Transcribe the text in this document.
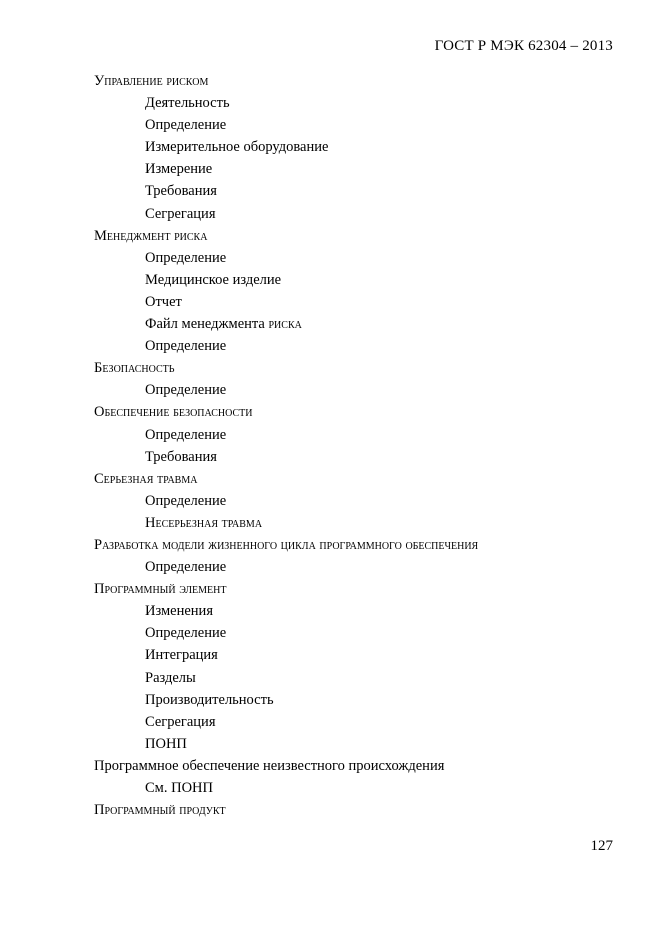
ГОСТ Р МЭК 62304 – 2013
Управление риском
Деятельность
Определение
Измерительное оборудование
Измерение
Требования
Сегрегация
Менеджмент риска
Определение
Медицинское изделие
Отчет
Файл менеджмента риска
Определение
Безопасность
Определение
Обеспечение безопасности
Определение
Требования
Серьезная травма
Определение
Несерьезная травма
Разработка модели жизненного цикла программного обеспечения
Определение
Программный элемент
Изменения
Определение
Интеграция
Разделы
Производительность
Сегрегация
ПОНП
Программное обеспечение неизвестного происхождения
См. ПОНП
Программный продукт
127
